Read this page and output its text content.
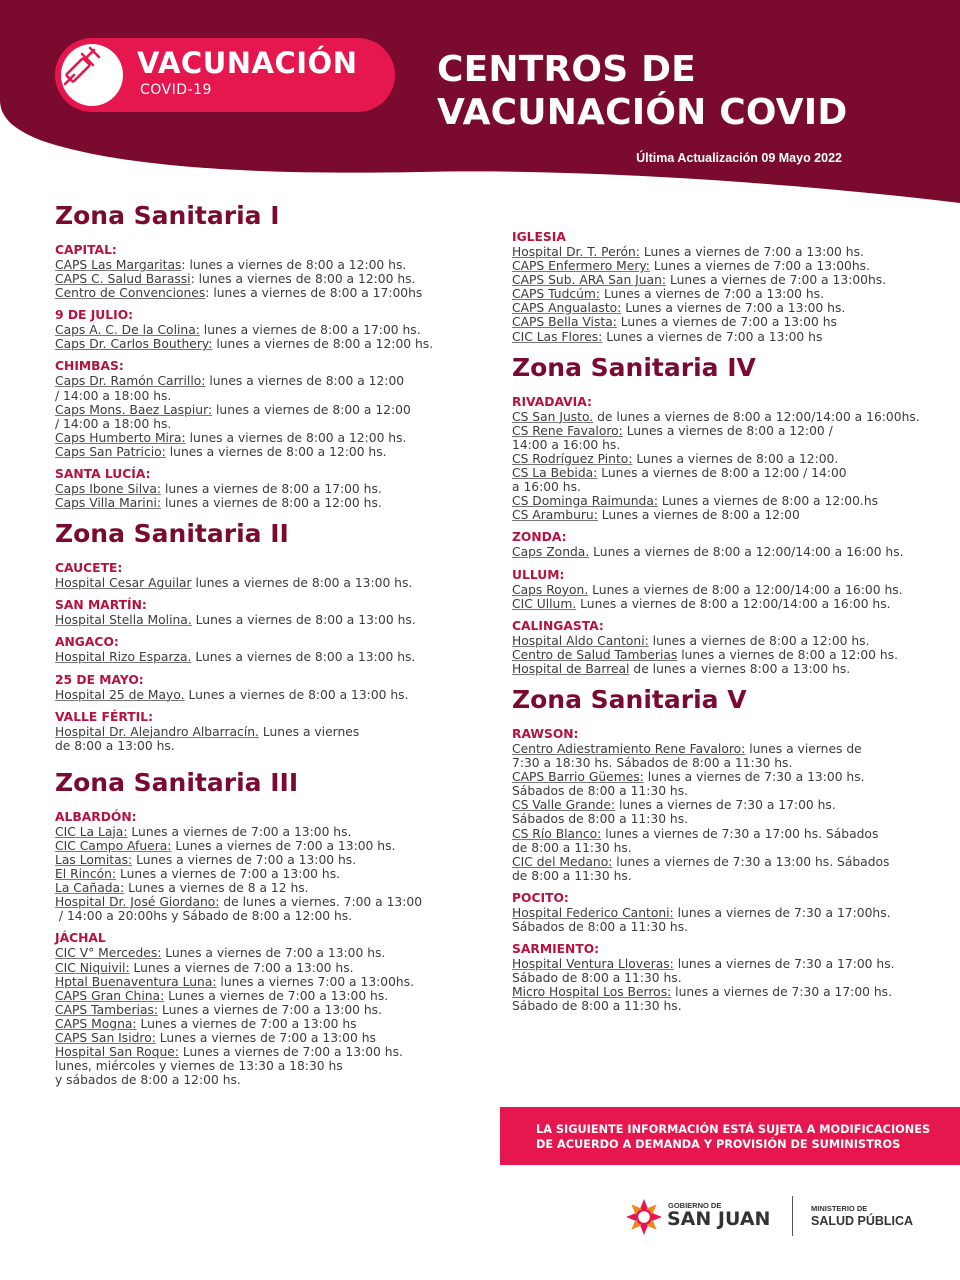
VACUNACIÓN
COVID-19	CENTROS DE
VACUNACIÓN COVID
Última Actualización 09 Mayo 2022
Zona Sanitaria I
CAPITAL:
CAPS Las Margaritas: lunes a viernes de 8:00 a 12:00 hs.
CAPS C. Salud Barassi: lunes a viernes de 8:00 a 12:00 hs.
Centro de Convenciones: lunes a viernes de 8:00 a 17:00hs
9 DE JULIO:
Caps A. C. De la Colina: lunes a viernes de 8:00 a 17:00 hs.
Caps Dr. Carlos Bouthery: lunes a viernes de 8:00 a 12:00 hs.
CHIMBAS:
Caps Dr. Ramón Carrillo: lunes a viernes de 8:00 a 12:00
/ 14:00 a 18:00 hs.
Caps Mons. Baez Laspiur: lunes a viernes de 8:00 a 12:00
/ 14:00 a 18:00 hs.
Caps Humberto Mira: lunes a viernes de 8:00 a 12:00 hs.
Caps San Patricio: lunes a viernes de 8:00 a 12:00 hs.
SANTA LUCÍA:
Caps Ibone Silva: lunes a viernes de 8:00 a 17:00 hs.
Caps Villa Marini: lunes a viernes de 8:00 a 12:00 hs.
Zona Sanitaria II
CAUCETE:
Hospital Cesar Aguilar lunes a viernes de 8:00 a 13:00 hs.
SAN MARTÍN:
Hospital Stella Molina. Lunes a viernes de 8:00 a 13:00 hs.
ANGACO:
Hospital Rizo Esparza. Lunes a viernes de 8:00 a 13:00 hs.
25 DE MAYO:
Hospital 25 de Mayo. Lunes a viernes de 8:00 a 13:00 hs.
VALLE FÉRTIL:
Hospital Dr. Alejandro Albarracín. Lunes a viernes
de 8:00 a 13:00 hs.
Zona Sanitaria III
ALBARDÓN:
CIC La Laja: Lunes a viernes de 7:00 a 13:00 hs.
CIC Campo Afuera: Lunes a viernes de 7:00 a 13:00 hs.
Las Lomitas: Lunes a viernes de 7:00 a 13:00 hs.
El Rincón: Lunes a viernes de 7:00 a 13:00 hs.
La Cañada: Lunes a viernes de 8 a 12 hs.
Hospital Dr. José Giordano: de lunes a viernes. 7:00 a 13:00
/ 14:00 a 20:00hs y Sábado de 8:00 a 12:00 hs.
JÁCHAL
CIC V° Mercedes: Lunes a viernes de 7:00 a 13:00 hs.
CIC Niquivil: Lunes a viernes de 7:00 a 13:00 hs.
Hptal Buenaventura Luna: lunes a viernes 7:00 a 13:00hs.
CAPS Gran China: Lunes a viernes de 7:00 a 13:00 hs.
CAPS Tamberias: Lunes a viernes de 7:00 a 13:00 hs.
CAPS Mogna: Lunes a viernes de 7:00 a 13:00 hs
CAPS San Isidro: Lunes a viernes de 7:00 a 13:00 hs
Hospital San Roque: Lunes a viernes de 7:00 a 13:00 hs.
lunes, miércoles y viernes de 13:30 a 18:30 hs
y sábados de 8:00 a 12:00 hs.
IGLESIA
Hospital Dr. T. Perón: Lunes a viernes de 7:00 a 13:00 hs.
CAPS Enfermero Mery: Lunes a viernes de 7:00 a 13:00hs.
CAPS Sub. ARA San Juan: Lunes a viernes de 7:00 a 13:00hs.
CAPS Tudcúm: Lunes a viernes de 7:00 a 13:00 hs.
CAPS Angualasto: Lunes a viernes de 7:00 a 13:00 hs.
CAPS Bella Vista: Lunes a viernes de 7:00 a 13:00 hs
CIC Las Flores: Lunes a viernes de 7:00 a 13:00 hs
Zona Sanitaria IV
RIVADAVIA:
CS San Justo. de lunes a viernes de 8:00 a 12:00/14:00 a 16:00hs.
CS Rene Favaloro: Lunes a viernes de 8:00 a 12:00 /
14:00 a 16:00 hs.
CS Rodríguez Pinto: Lunes a viernes de 8:00 a 12:00.
CS La Bebida: Lunes a viernes de 8:00 a 12:00 / 14:00
a 16:00 hs.
CS Dominga Raimunda: Lunes a viernes de 8:00 a 12:00.hs
CS Aramburu: Lunes a viernes de 8:00 a 12:00
ZONDA:
Caps Zonda. Lunes a viernes de 8:00 a 12:00/14:00 a 16:00 hs.
ULLUM:
Caps Royon. Lunes a viernes de 8:00 a 12:00/14:00 a 16:00 hs.
CIC Ullum. Lunes a viernes de 8:00 a 12:00/14:00 a 16:00 hs.
CALINGASTA:
Hospital Aldo Cantoni: lunes a viernes de 8:00 a 12:00 hs.
Centro de Salud Tamberias lunes a viernes de 8:00 a 12:00 hs.
Hospital de Barreal de lunes a viernes 8:00 a 13:00 hs.
Zona Sanitaria V
RAWSON:
Centro Adiestramiento Rene Favaloro: lunes a viernes de
7:30 a 18:30 hs. Sábados de 8:00 a 11:30 hs.
CAPS Barrio Güemes: lunes a viernes de 7:30 a 13:00 hs.
Sábados de 8:00 a 11:30 hs.
CS Valle Grande: lunes a viernes de 7:30 a 17:00 hs.
Sábados de 8:00 a 11:30 hs.
CS Río Blanco: lunes a viernes de 7:30 a 17:00 hs. Sábados
de 8:00 a 11:30 hs.
CIC del Medano: lunes a viernes de 7:30 a 13:00 hs. Sábados
de 8:00 a 11:30 hs.
POCITO:
Hospital Federico Cantoni: lunes a viernes de 7:30 a 17:00hs.
Sábados de 8:00 a 11:30 hs.
SARMIENTO:
Hospital Ventura Lloveras: lunes a viernes de 7:30 a 17:00 hs.
Sábado de 8:00 a 11:30 hs.
Micro Hospital Los Berros: lunes a viernes de 7:30 a 17:00 hs.
Sábado de 8:00 a 11:30 hs.
LA SIGUIENTE INFORMACIÓN ESTÁ SUJETA A MODIFICACIONES
DE ACUERDO A DEMANDA Y PROVISIÓN DE SUMINISTROS
GOBIERNO DE
SAN JUAN	MINISTERIO DE
SALUD PÚBLICA
